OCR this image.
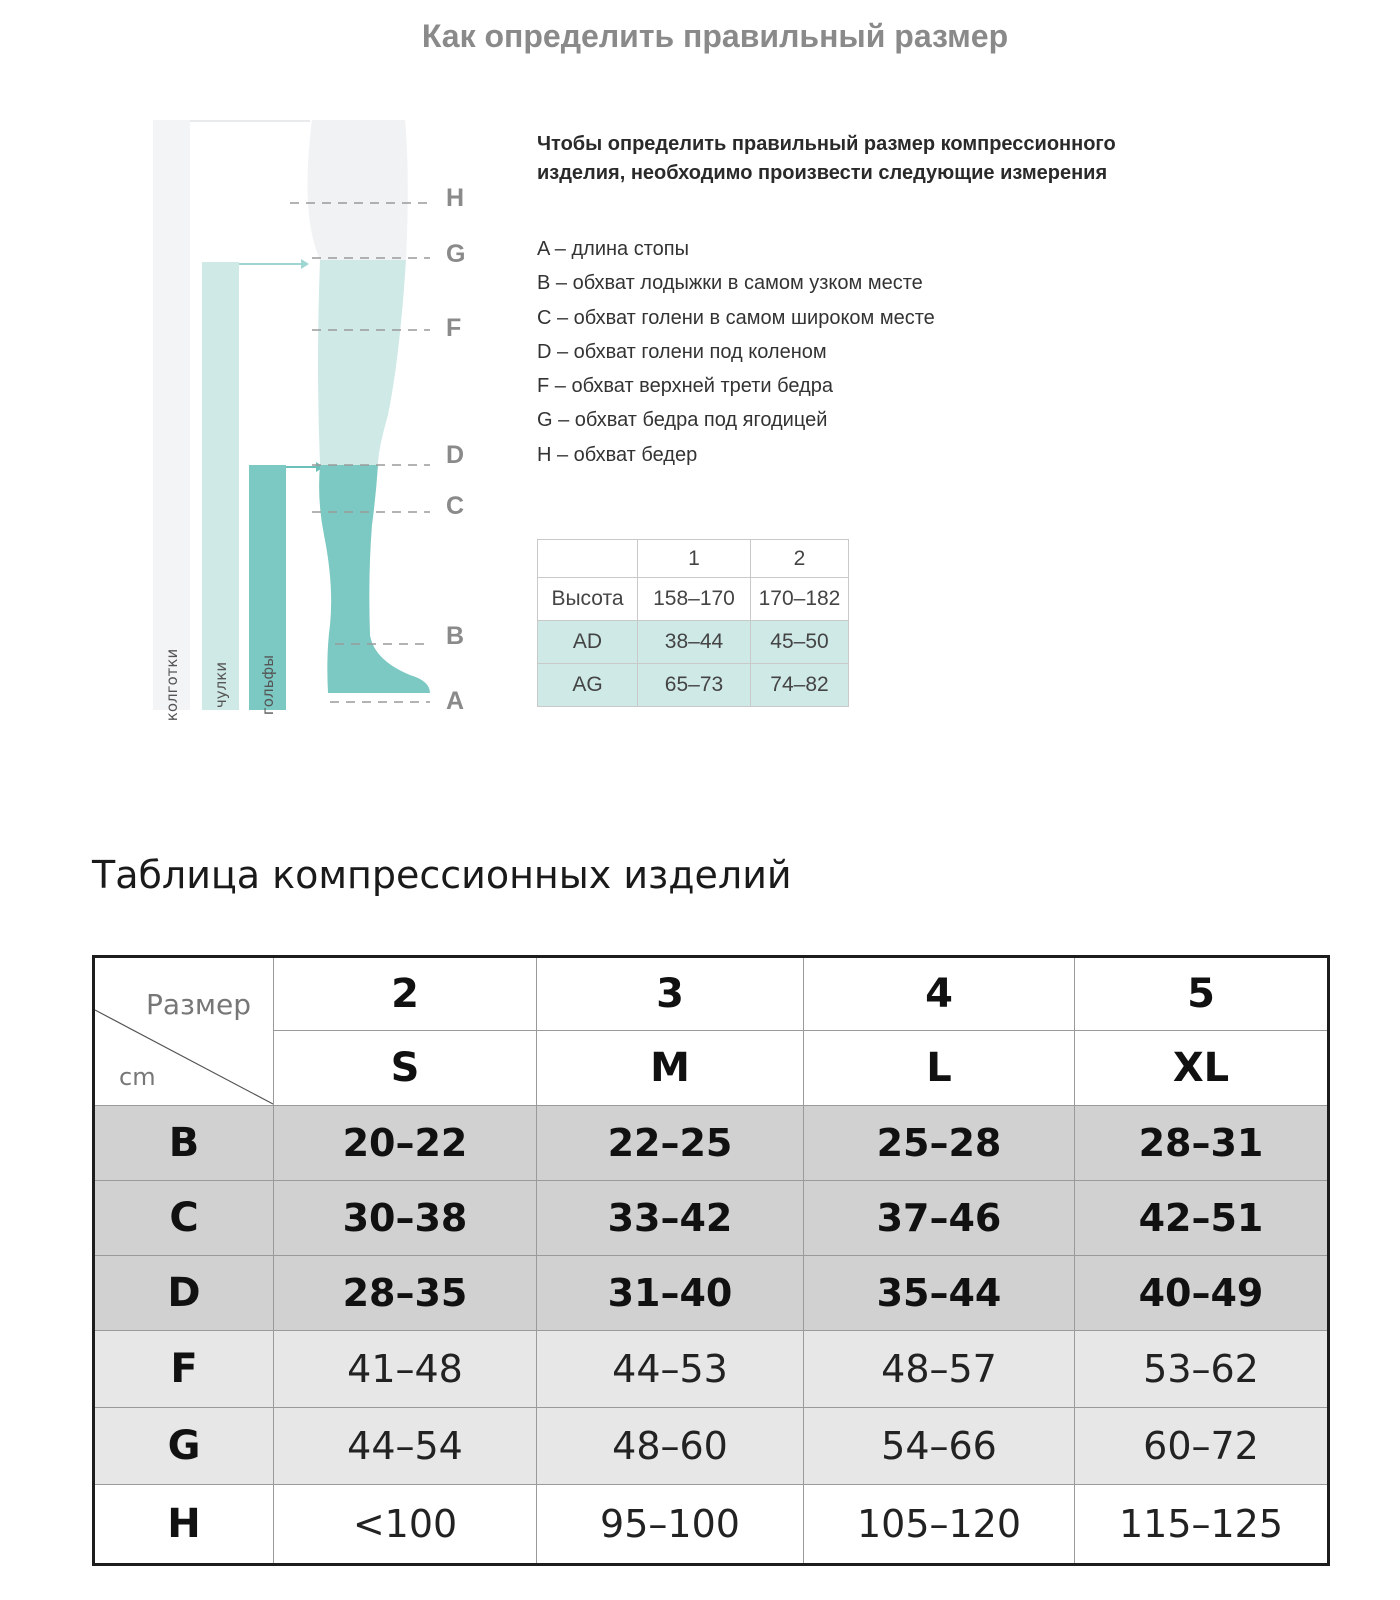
Как определить правильный размер
колготки чулки гольфы
H
G
F
D
C
B
A

Чтобы определить правильный размер компрессионного изделия, необходимо произвести следующие измерения

A – длина стопы
B – обхват лодыжки в самом узком месте
C – обхват голени в самом широком месте
D – обхват голени под коленом
F – обхват верхней трети бедра
G – обхват бедра под ягодицей
H – обхват бедер
	1	2
Высота	158–170	170–182
AD	38–44	45–50
AG	65–73	74–82
Таблица компрессионных изделий
Размер
cm	2	3	4	5
	S	M	L	XL
B	20–22	22–25	25–28	28–31
C	30–38	33–42	37–46	42–51
D	28–35	31–40	35–44	40–49
F	41–48	44–53	48–57	53–62
G	44–54	48–60	54–66	60–72
H	<100	95–100	105–120	115–125
